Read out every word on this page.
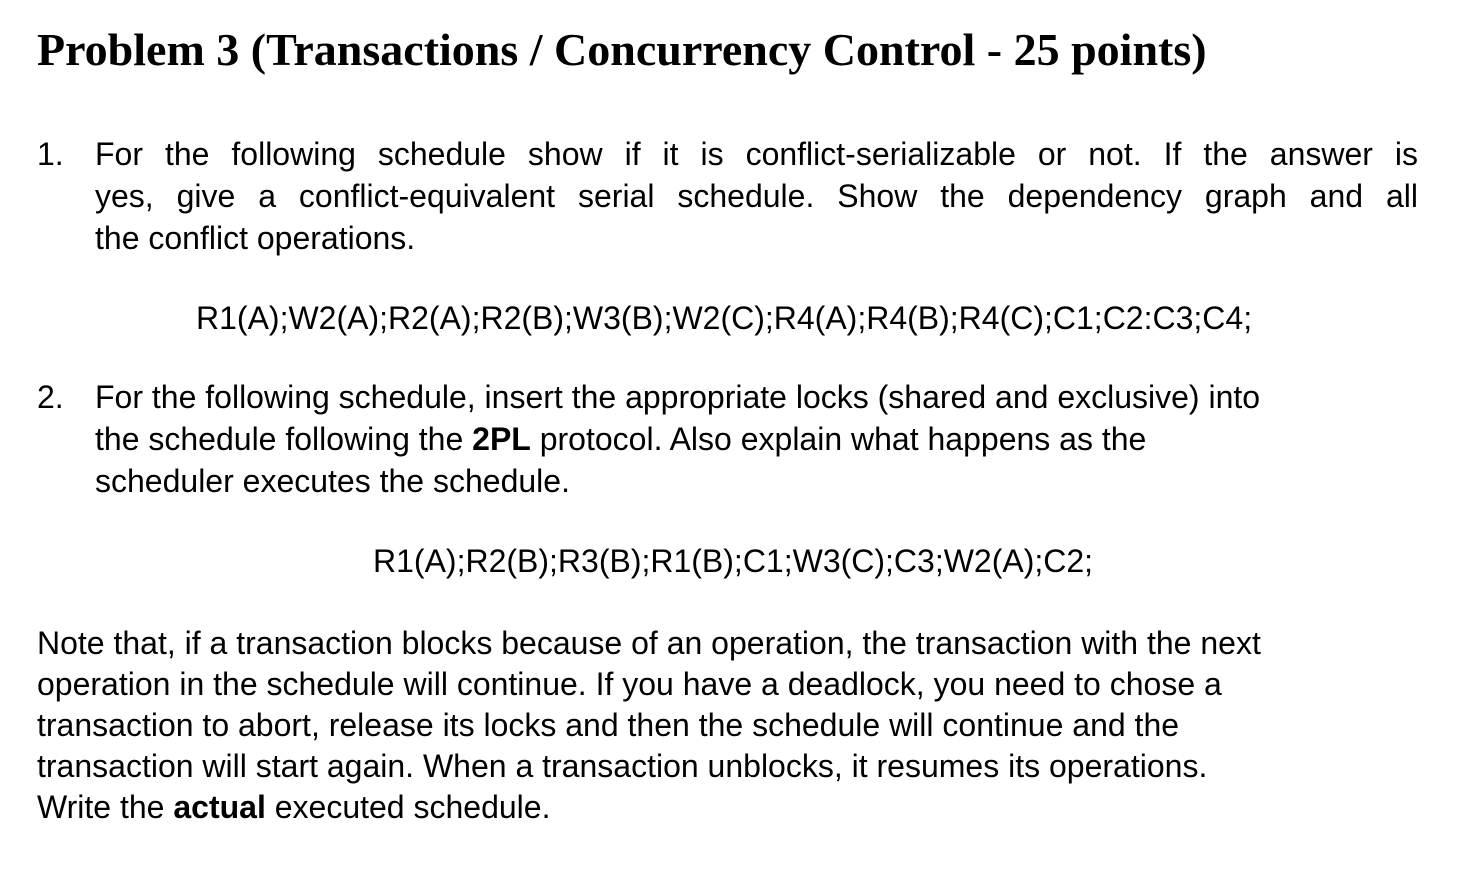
Problem 3 (Transactions / Concurrency Control - 25 points)
1. For the following schedule show if it is conflict-serializable or not. If the answer is
yes, give a conflict-equivalent serial schedule. Show the dependency graph and all
the conflict operations.
R1(A);W2(A);R2(A);R2(B);W3(B);W2(C);R4(A);R4(B);R4(C);C1;C2:C3;C4;
2. For the following schedule, insert the appropriate locks (shared and exclusive) into
the schedule following the 2PL protocol. Also explain what happens as the
scheduler executes the schedule.
R1(A);R2(B);R3(B);R1(B);C1;W3(C);C3;W2(A);C2;
Note that, if a transaction blocks because of an operation, the transaction with the next
operation in the schedule will continue. If you have a deadlock, you need to chose a
transaction to abort, release its locks and then the schedule will continue and the
transaction will start again. When a transaction unblocks, it resumes its operations.
Write the actual executed schedule.
